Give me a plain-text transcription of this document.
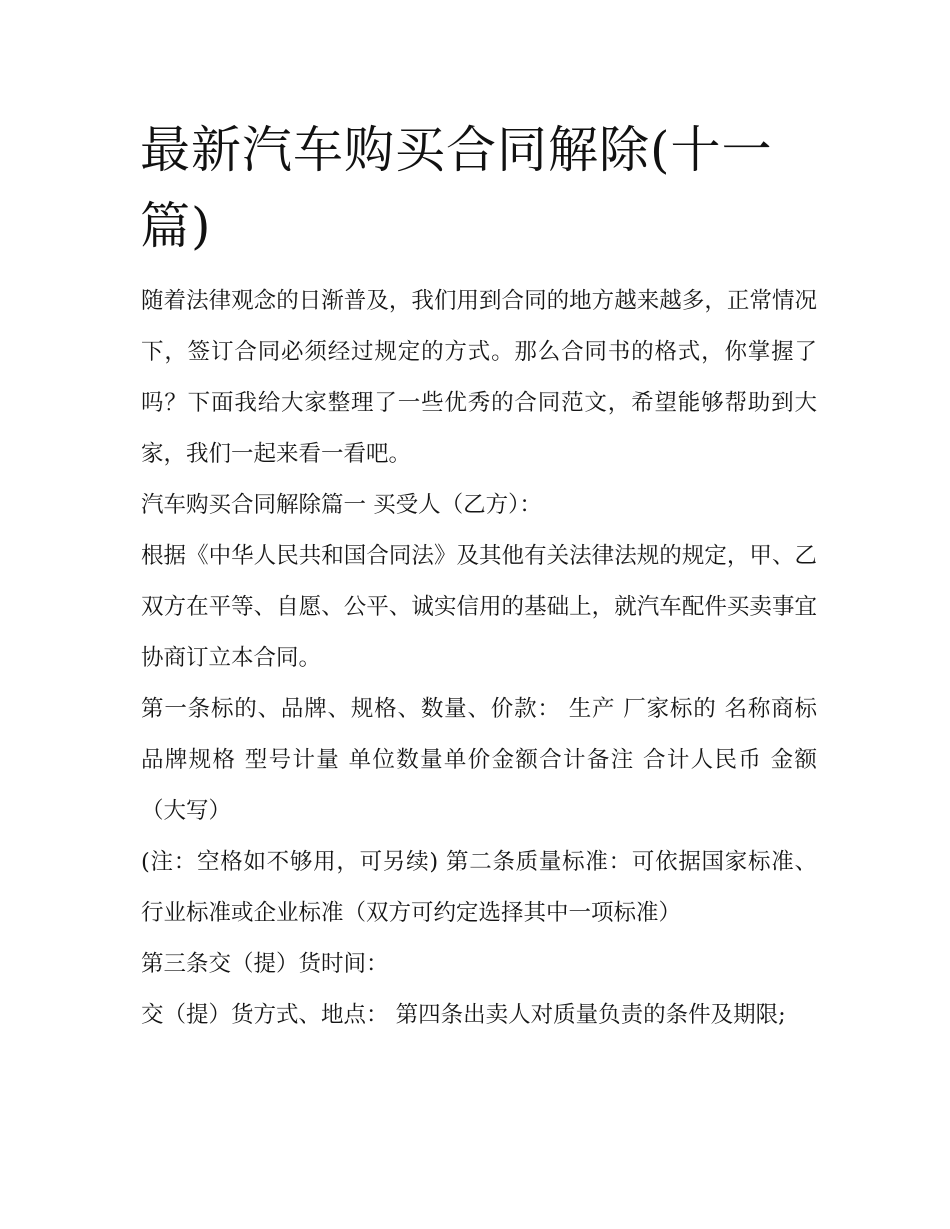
最新汽车购买合同解除(十一篇)

随着法律观念的日渐普及，我们用到合同的地方越来越多，正常情况下，签订合同必须经过规定的方式。那么合同书的格式，你掌握了吗？下面我给大家整理了一些优秀的合同范文，希望能够帮助到大家，我们一起来看一看吧。

汽车购买合同解除篇一 买受人（乙方）：

根据《中华人民共和国合同法》及其他有关法律法规的规定，甲、乙双方在平等、自愿、公平、诚实信用的基础上，就汽车配件买卖事宜协商订立本合同。

第一条标的、品牌、规格、数量、价款： 生产 厂家标的 名称商标 品牌规格 型号计量 单位数量单价金额合计备注 合计人民币 金额（大写）

(注：空格如不够用，可另续) 第二条质量标准：可依据国家标准、行业标准或企业标准（双方可约定选择其中一项标准）

第三条交（提）货时间：

交（提）货方式、地点： 第四条出卖人对质量负责的条件及期限;
